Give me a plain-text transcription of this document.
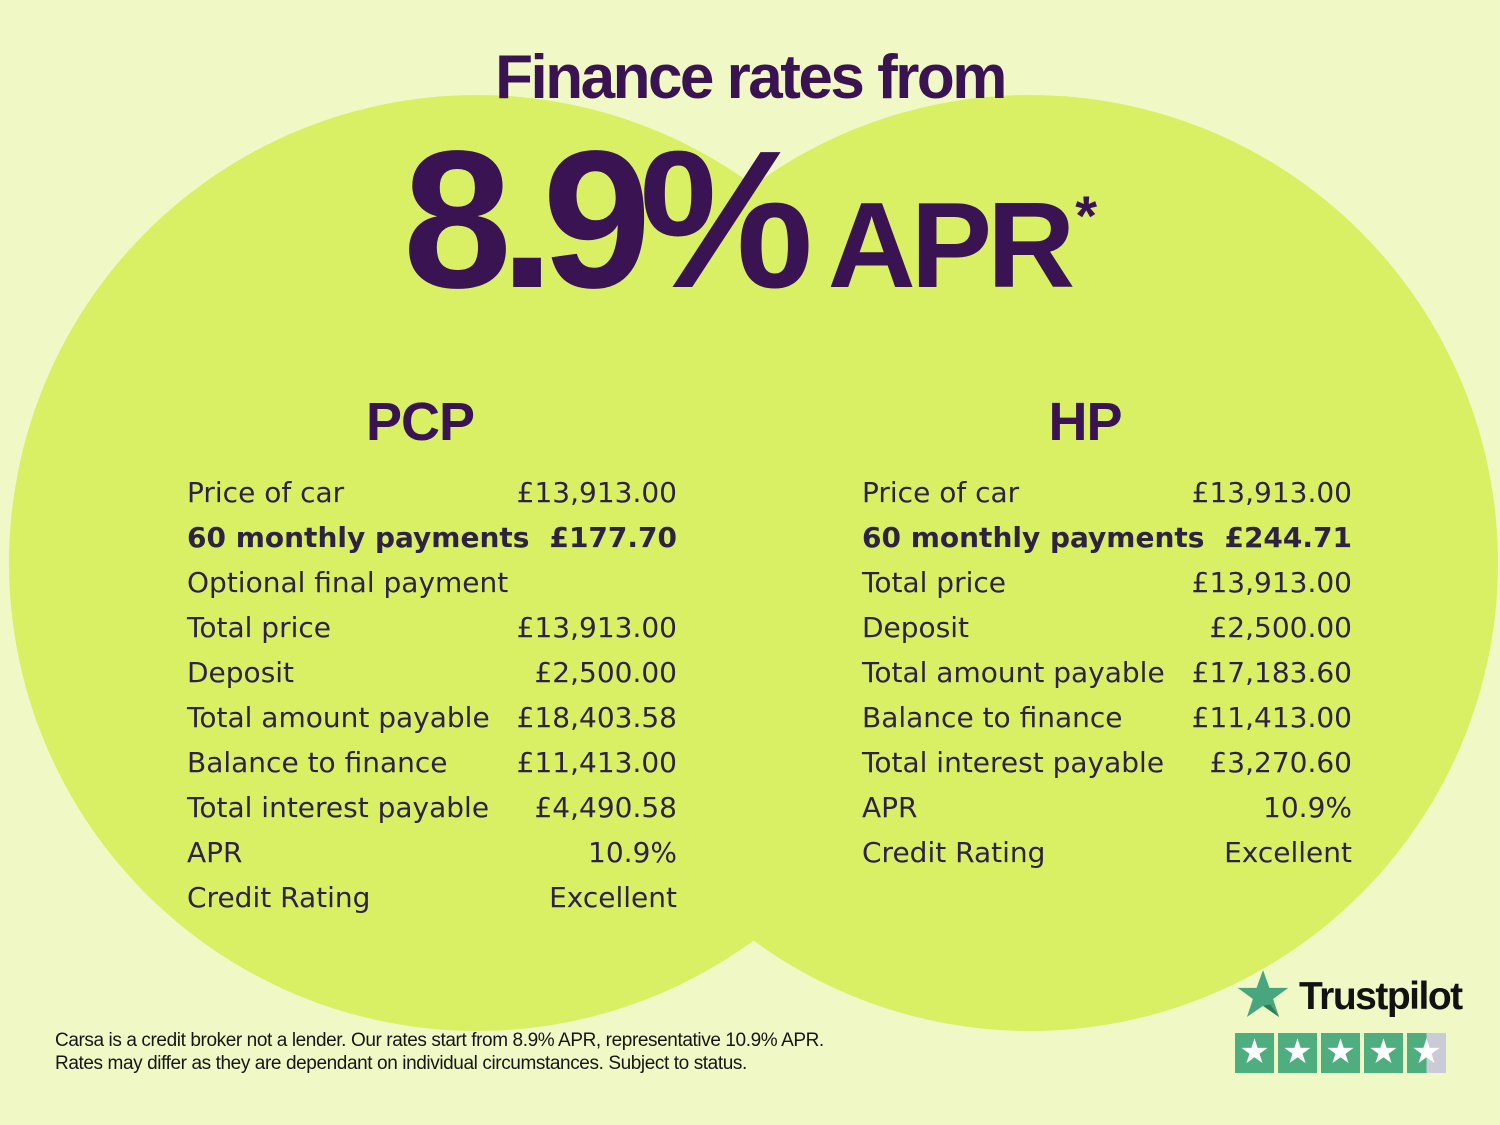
Finance rates from
8.9% APR*
PCP	HP
Price of car	£13,913.00
60 monthly payments £177.70
Optional final payment
Total price	£13,913.00
Deposit	£2,500.00
Total amount payable £18,403.58
Balance to finance £11,413.00
Total interest payable £4,490.58
APR	10.9%
Credit Rating	Excellent
Price of car	£13,913.00
60 monthly payments £244.71
Total price	£13,913.00
Deposit	£2,500.00
Total amount payable £17,183.60
Balance to finance £11,413.00
Total interest payable £3,270.60
APR	10.9%
Credit Rating	Excellent
Trustpilot
★ ★ ★ ★ ★
Carsa is a credit broker not a lender. Our rates start from 8.9% APR, representative 10.9% APR.
Rates may differ as they are dependant on individual circumstances. Subject to status.
